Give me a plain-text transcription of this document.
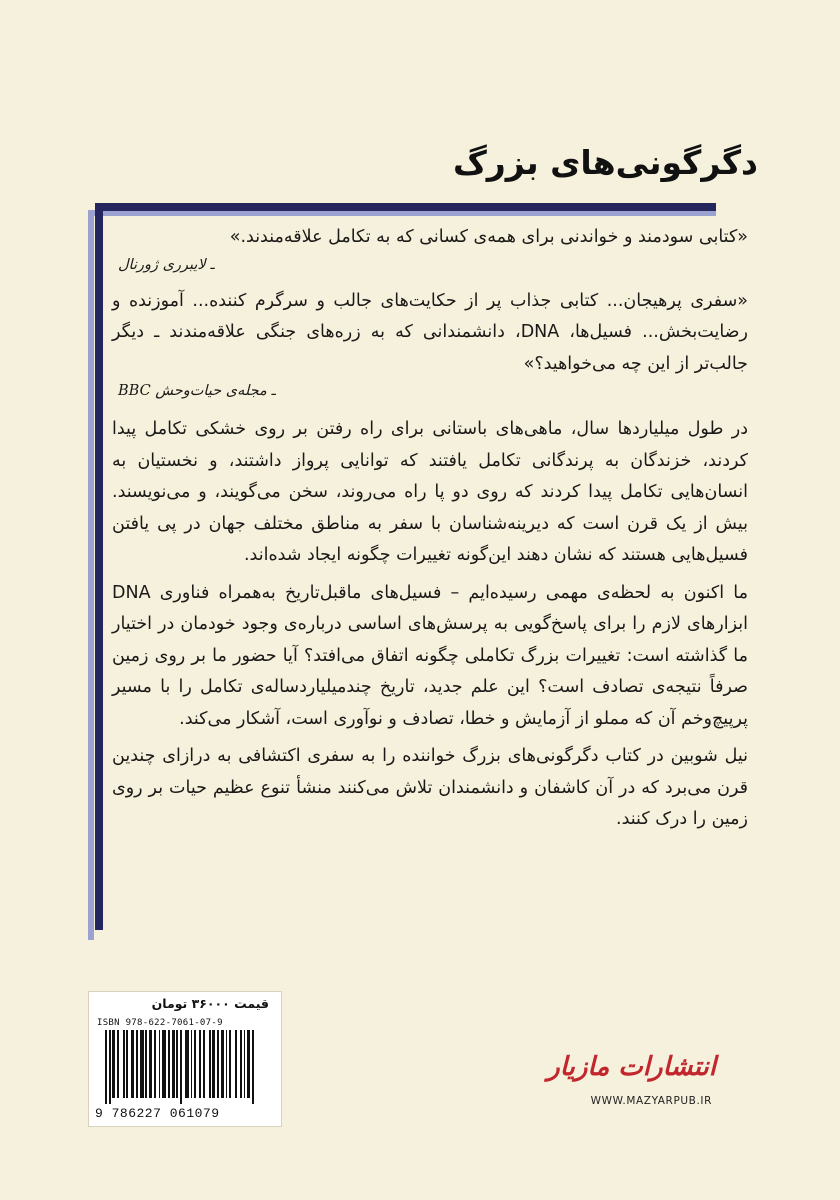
دگرگونی‌های بزرگ

«کتابی سودمند و خواندنی برای همه‌ی کسانی که به تکامل علاقه‌مندند.»

ـ لایبرری ژورنال

«سفری پرهیجان... کتابی جذاب پر از حکایت‌های جالب و سرگرم کننده... آموزنده و رضایت‌بخش... فسیل‌ها، DNA، دانشمندانی که به زره‌های جنگی علاقه‌مندند ـ دیگر جالب‌تر از این چه می‌خواهید؟»

ـ مجله‌ی حیات‌وحش BBC

در طول میلیاردها سال، ماهی‌های باستانی برای راه رفتن بر روی خشکی تکامل پیدا کردند، خزندگان به پرندگانی تکامل یافتند که توانایی پرواز داشتند، و نخستیان به انسان‌هایی تکامل پیدا کردند که روی دو پا راه می‌روند، سخن می‌گویند، و می‌نویسند. بیش از یک قرن است که دیرینه‌شناسان با سفر به مناطق مختلف جهان در پی یافتن فسیل‌هایی هستند که نشان دهند این‌گونه تغییرات چگونه ایجاد شده‌اند.

ما اکنون به لحظه‌ی مهمی رسیده‌ایم – فسیل‌های ماقبل‌تاریخ به‌همراه فناوری DNA ابزارهای لازم را برای پاسخ‌گویی به پرسش‌های اساسی درباره‌ی وجود خودمان در اختیار ما گذاشته است: تغییرات بزرگ تکاملی چگونه اتفاق می‌افتد؟ آیا حضور ما بر روی زمین صرفاً نتیجه‌ی تصادف است؟ این علم جدید، تاریخ چندمیلیاردساله‌ی تکامل را با مسیر پرپیچ‌وخم آن که مملو از آزمایش و خطا، تصادف و نوآوری است، آشکار می‌کند.

نیل شوبین در کتاب دگرگونی‌های بزرگ خواننده را به سفری اکتشافی به درازای چندین قرن می‌برد که در آن کاشفان و دانشمندان تلاش می‌کنند منشأ تنوع عظیم حیات بر روی زمین را درک کنند.

قیمت ۳۶۰۰۰ تومان
ISBN 978-622-7061-07-9
9 786227 061079
انتشارات مازیار
WWW.MAZYARPUB.IR
